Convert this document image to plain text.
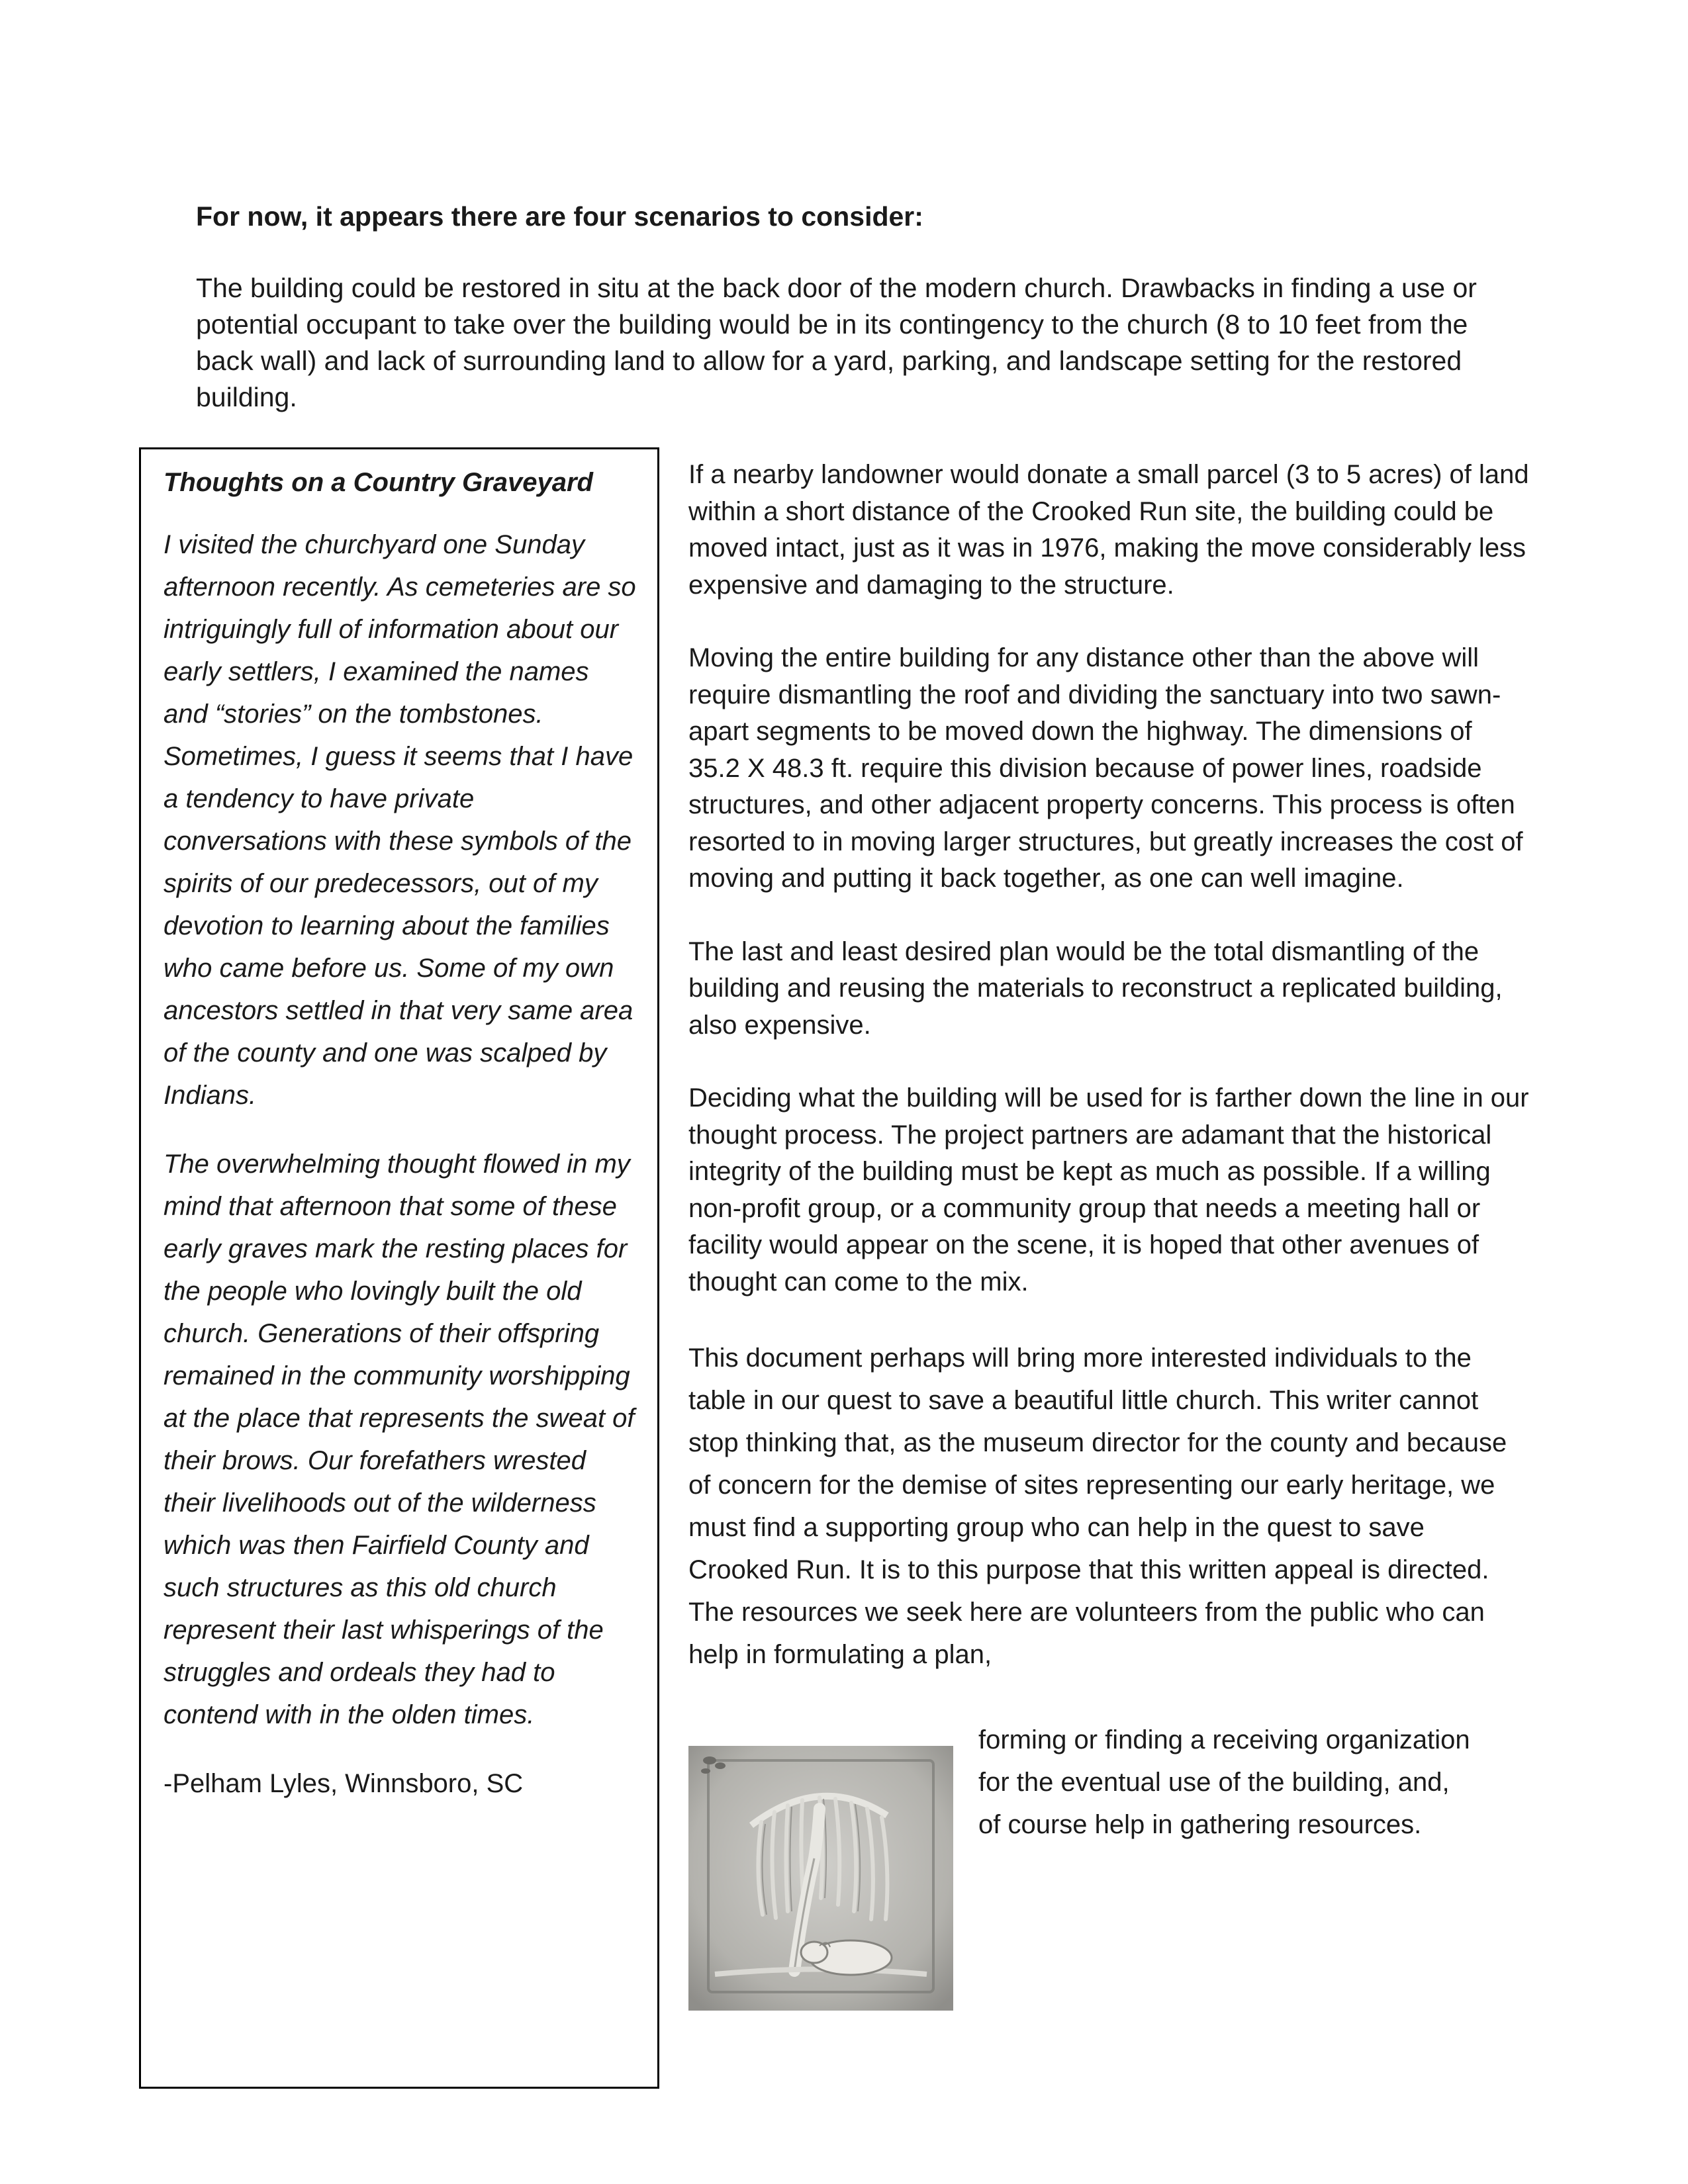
For now, it appears there are four scenarios to consider:

The building could be restored in situ at the back door of the modern church. Drawbacks in finding a use or potential occupant to take over the building would be in its contingency to the church (8 to 10 feet from the back wall) and lack of surrounding land to allow for a yard, parking, and landscape setting for the restored building.

Thoughts on a Country Graveyard

I visited the churchyard one Sunday afternoon recently. As cemeteries are so intriguingly full of information about our early settlers, I examined the names and “stories” on the tombstones. Sometimes, I guess it seems that I have a tendency to have private conversations with these symbols of the spirits of our predecessors, out of my devotion to learning about the families who came before us. Some of my own ancestors settled in that very same area of the county and one was scalped by Indians.

The overwhelming thought flowed in my mind that afternoon that some of these early graves mark the resting places for the people who lovingly built the old church. Generations of their offspring remained in the community worshipping at the place that represents the sweat of their brows. Our forefathers wrested their livelihoods out of the wilderness which was then Fairfield County and such structures as this old church represent their last whisperings of the struggles and ordeals they had to contend with in the olden times.

-Pelham Lyles, Winnsboro, SC

If a nearby landowner would donate a small parcel (3 to 5 acres) of land within a short distance of the Crooked Run site, the building could be moved intact, just as it was in 1976, making the move considerably less expensive and damaging to the structure.

Moving the entire building for any distance other than the above will require dismantling the roof and dividing the sanctuary into two sawn-apart segments to be moved down the highway. The dimensions of 35.2 X 48.3 ft. require this division because of power lines, roadside structures, and other adjacent property concerns. This process is often resorted to in moving larger structures, but greatly increases the cost of moving and putting it back together, as one can well imagine.

The last and least desired plan would be the total dismantling of the building and reusing the materials to reconstruct a replicated building, also expensive.

Deciding what the building will be used for is farther down the line in our thought process. The project partners are adamant that the historical integrity of the building must be kept as much as possible. If a willing non-profit group, or a community group that needs a meeting hall or facility would appear on the scene, it is hoped that other avenues of thought can come to the mix.

This document perhaps will bring more interested individuals to the table in our quest to save a beautiful little church. This writer cannot stop thinking that, as the museum director for the county and because of concern for the demise of sites representing our early heritage, we must find a supporting group who can help in the quest to save Crooked Run. It is to this purpose that this written appeal is directed. The resources we seek here are volunteers from the public who can help in formulating a plan,

forming or finding a receiving organization
for the eventual use of the building, and,
of course help in gathering resources.
